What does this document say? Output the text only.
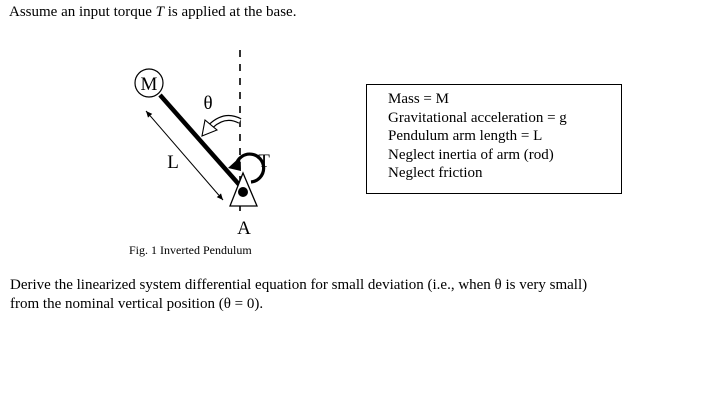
Assume an input torque T is applied at the base.
M
θ
L	T
A
Mass = M
Gravitational acceleration = g
Pendulum arm length = L
Neglect inertia of arm (rod)
Neglect friction
Fig. 1 Inverted Pendulum
Derive the linearized system differential equation for small deviation (i.e., when θ is very small)
from the nominal vertical position (θ = 0).
